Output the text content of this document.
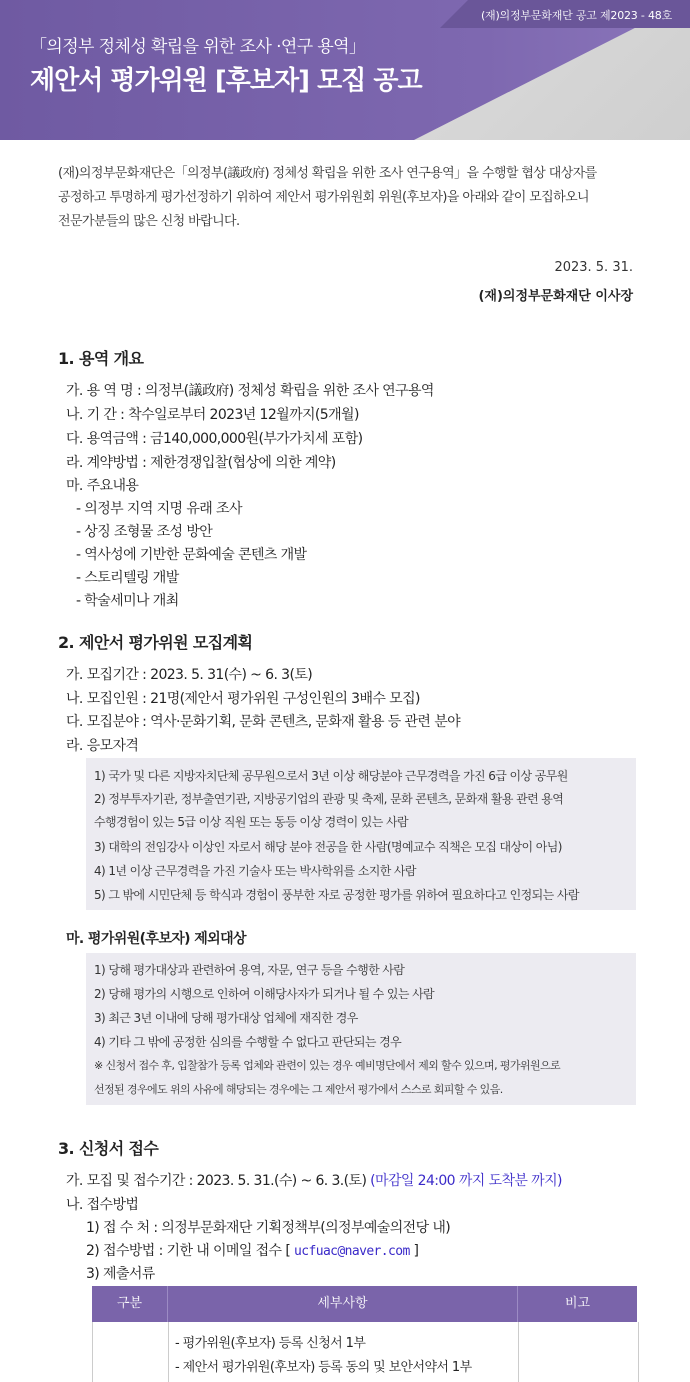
(재)의정부문화재단 공고 제2023 - 48호
「의정부 정체성 확립을 위한 조사 ·연구 용역」
제안서 평가위원 [후보자] 모집 공고
(재)의정부문화재단은「의정부(議政府) 정체성 확립을 위한 조사 연구용역」을 수행할 협상 대상자를
공정하고 투명하게 평가선정하기 위하여 제안서 평가위원회 위원(후보자)을 아래와 같이 모집하오니
전문가분들의 많은 신청 바랍니다.
2023. 5. 31.
(재)의정부문화재단 이사장
1. 용역 개요
가. 용 역 명 : 의정부(議政府) 정체성 확립을 위한 조사 연구용역
나. 기 간 : 착수일로부터 2023년 12월까지(5개월)
다. 용역금액 : 금140,000,000원(부가가치세 포함)
라. 계약방법 : 제한경쟁입찰(협상에 의한 계약)
마. 주요내용
- 의정부 지역 지명 유래 조사
- 상징 조형물 조성 방안
- 역사성에 기반한 문화예술 콘텐츠 개발
- 스토리텔링 개발
- 학술세미나 개최
2. 제안서 평가위원 모집계획
가. 모집기간 : 2023. 5. 31(수) ~ 6. 3(토)
나. 모집인원 : 21명(제안서 평가위원 구성인원의 3배수 모집)
다. 모집분야 : 역사·문화기획, 문화 콘텐츠, 문화재 활용 등 관련 분야
라. 응모자격
1) 국가 및 다른 지방자치단체 공무원으로서 3년 이상 해당분야 근무경력을 가진 6급 이상 공무원
2) 정부투자기관, 정부출연기관, 지방공기업의 관광 및 축제, 문화 콘텐츠, 문화재 활용 관련 용역
수행경험이 있는 5급 이상 직원 또는 동등 이상 경력이 있는 사람
3) 대학의 전임강사 이상인 자로서 해당 분야 전공을 한 사람(명예교수 직책은 모집 대상이 아님)
4) 1년 이상 근무경력을 가진 기술사 또는 박사학위를 소지한 사람
5) 그 밖에 시민단체 등 학식과 경험이 풍부한 자로 공정한 평가를 위하여 필요하다고 인정되는 사람
마. 평가위원(후보자) 제외대상
1) 당해 평가대상과 관련하여 용역, 자문, 연구 등을 수행한 사람
2) 당해 평가의 시행으로 인하여 이해당사자가 되거나 될 수 있는 사람
3) 최근 3년 이내에 당해 평가대상 업체에 재직한 경우
4) 기타 그 밖에 공정한 심의를 수행할 수 없다고 판단되는 경우
※ 신청서 접수 후, 입찰참가 등록 업체와 관련이 있는 경우 예비명단에서 제외 할수 있으며, 평가위원으로
선정된 경우에도 위의 사유에 해당되는 경우에는 그 제안서 평가에서 스스로 회피할 수 있음.
3. 신청서 접수
가. 모집 및 접수기간 : 2023. 5. 31.(수) ~ 6. 3.(토) (마감일 24:00 까지 도착분 까지)
나. 접수방법
1) 접 수 처 : 의정부문화재단 기획정책부(의정부예술의전당 내)
2) 접수방법 : 기한 내 이메일 접수 [ ucfuac@naver.com ]
3) 제출서류
구분	세부사항	비고
- 평가위원(후보자) 등록 신청서 1부
- 제안서 평가위원(후보자) 등록 동의 및 보안서약서 1부
